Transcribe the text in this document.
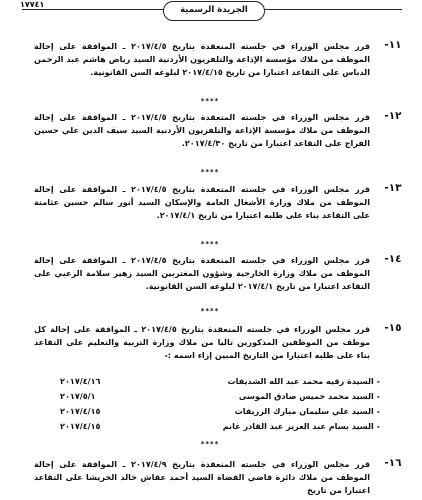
١٧٧٤١
الجريدة الرسمية
-١١
قرر مجلس الوزراء في جلسته المنعقدة بتاريخ ٢٠١٧/٤/٥ ـ الموافقة على إحالة الموظف من ملاك مؤسسة الإذاعة والتلفزيون الأردنية السيد رياض هاشم عبد الرحمن الدباس على التقاعد اعتبارا من تاريخ ٢٠١٧/٤/١٥ لبلوغه السن القانونية.
****
-١٢
قرر مجلس الوزراء في جلسته المنعقدة بتاريخ ٢٠١٧/٤/٥ ـ الموافقة على إحالة الموظف من ملاك مؤسسة الإذاعة والتلفزيون الأردنية السيد سيف الدين علي حسين الفراج على التقاعد اعتبارا من تاريخ ٢٠١٧/٤/٣٠.
****
-١٣
قرر مجلس الوزراء في جلسته المنعقدة بتاريخ ٢٠١٧/٤/٥ ـ الموافقة على إحالة الموظف من ملاك وزارة الأشغال العامة والإسكان السيد أنور سالم حسين عثامنة على التقاعد بناء على طلبه اعتبارا من تاريخ ٢٠١٧/٤/١.
****
-١٤
قرر مجلس الوزراء في جلسته المنعقدة بتاريخ ٢٠١٧/٤/٥ ـ الموافقة على إحالة الموظف من ملاك وزارة الخارجية وشؤون المغتربين السيد زهير سلامة الزعبي على التقاعد اعتبارا من تاريخ ٢٠١٧/٤/١ لبلوغه السن القانونية.
****
-١٥
قرر مجلس الوزراء في جلسته المنعقدة بتاريخ ٢٠١٧/٤/٥ ـ الموافقة على إحالة كل موظف من الموظفين المذكورين تاليا من ملاك وزارة التربية والتعليم على التقاعد بناء على طلبه اعتبارا من التاريخ المبين إزاء اسمه :-
- السيدة رقيه محمد عبد الله الشديفات
٢٠١٧/٤/١٦
- السيد محمد خميس صادق الموسى
٢٠١٧/٥/١
- السيد علي سليمان مبارك الزريقات
٢٠١٧/٤/١٥
- السيد بسام عبد العزيز عبد القادر غانم
٢٠١٧/٤/١٥
****
-١٦
قرر مجلس الوزراء في جلسته المنعقدة بتاريخ ٢٠١٧/٤/٩ ـ الموافقة على إحالة الموظف من ملاك دائرة قاضي القضاة السيد أحمد عقاش خالد الخريشا على التقاعد اعتبارا من تاريخ
